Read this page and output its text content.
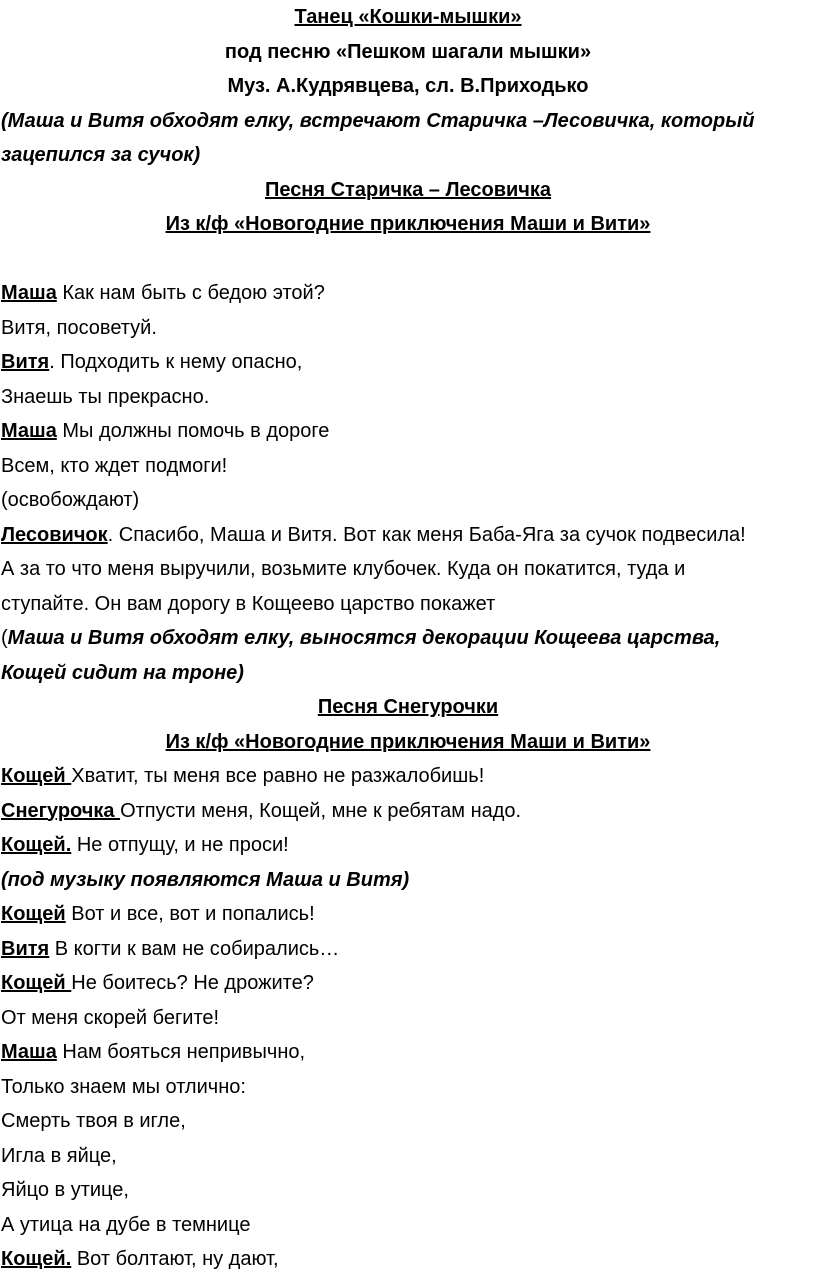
Танец «Кошки-мышки»
под песню «Пешком шагали мышки»
Муз. А.Кудрявцева, сл. В.Приходько
(Маша и Витя обходят елку, встречают Старичка –Лесовичка, который
зацепился за сучок)
Песня Старичка – Лесовичка
Из к/ф «Новогодние приключения Маши и Вити»
Маша Как нам быть с бедою этой?
Витя, посоветуй.
Витя. Подходить к нему опасно,
Знаешь ты прекрасно.
Маша Мы должны помочь в дороге
Всем, кто ждет подмоги!
(освобождают)
Лесовичок. Спасибо, Маша и Витя. Вот как меня Баба-Яга за сучок подвесила!
А за то что меня выручили, возьмите клубочек. Куда он покатится, туда и
ступайте. Он вам дорогу в Кощеево царство покажет
(Маша и Витя обходят елку, выносятся декорации Кощеева царства,
Кощей сидит на троне)
Песня Снегурочки
Из к/ф «Новогодние приключения Маши и Вити»
Кощей Хватит, ты меня все равно не разжалобишь!
Снегурочка Отпусти меня, Кощей, мне к ребятам надо.
Кощей. Не отпущу, и не проси!
(под музыку появляются Маша и Витя)
Кощей Вот и все, вот и попались!
Витя В когти к вам не собирались…
Кощей Не боитесь? Не дрожите?
От меня скорей бегите!
Маша Нам бояться непривычно,
Только знаем мы отлично:
Смерть твоя в игле,
Игла в яйце,
Яйцо в утице,
А утица на дубе в темнице
Кощей. Вот болтают, ну дают,
